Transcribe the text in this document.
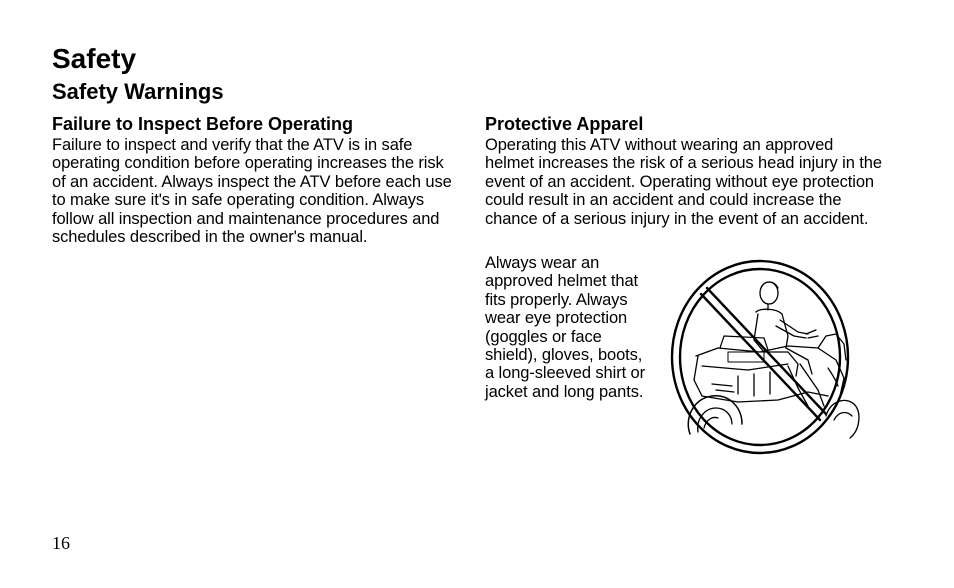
Safety
Safety Warnings
Failure to Inspect Before Operating

Failure to inspect and verify that the ATV is in safe operating condition before operating increases the risk of an accident. Always inspect the ATV before each use to make sure it's in safe operating condition. Always follow all inspection and maintenance procedures and schedules described in the owner's manual.

Protective Apparel

Operating this ATV without wearing an approved helmet increases the risk of a serious head injury in the event of an accident. Operating without eye protection could result in an accident and could increase the chance of a serious injury in the event of an accident.

Always wear an approved helmet that fits properly. Always wear eye protection (goggles or face shield), gloves, boots, a long-sleeved shirt or jacket and long pants.

16
